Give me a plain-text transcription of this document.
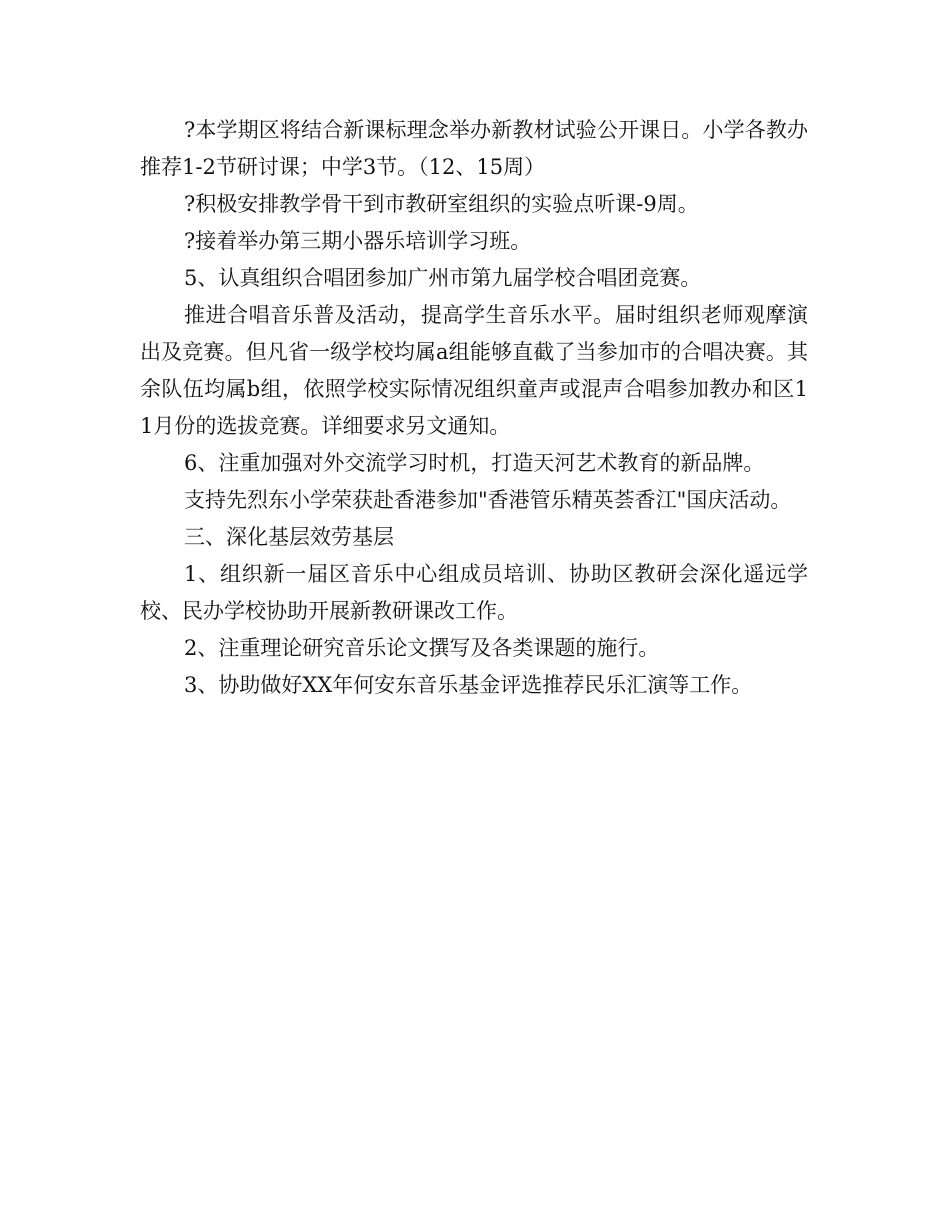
?本学期区将结合新课标理念举办新教材试验公开课日。小学各教办推荐1-2节研讨课；中学3节。（12、15周）

?积极安排教学骨干到市教研室组织的实验点听课-9周。

?接着举办第三期小器乐培训学习班。

5、认真组织合唱团参加广州市第九届学校合唱团竞赛。

推进合唱音乐普及活动，提高学生音乐水平。届时组织老师观摩演出及竞赛。但凡省一级学校均属a组能够直截了当参加市的合唱决赛。其余队伍均属b组，依照学校实际情况组织童声或混声合唱参加教办和区11月份的选拔竞赛。详细要求另文通知。

6、注重加强对外交流学习时机，打造天河艺术教育的新品牌。

支持先烈东小学荣获赴香港参加"香港管乐精英荟香江"国庆活动。

三、深化基层效劳基层

1、组织新一届区音乐中心组成员培训、协助区教研会深化遥远学校、民办学校协助开展新教研课改工作。

2、注重理论研究音乐论文撰写及各类课题的施行。

3、协助做好XX年何安东音乐基金评选推荐民乐汇演等工作。
